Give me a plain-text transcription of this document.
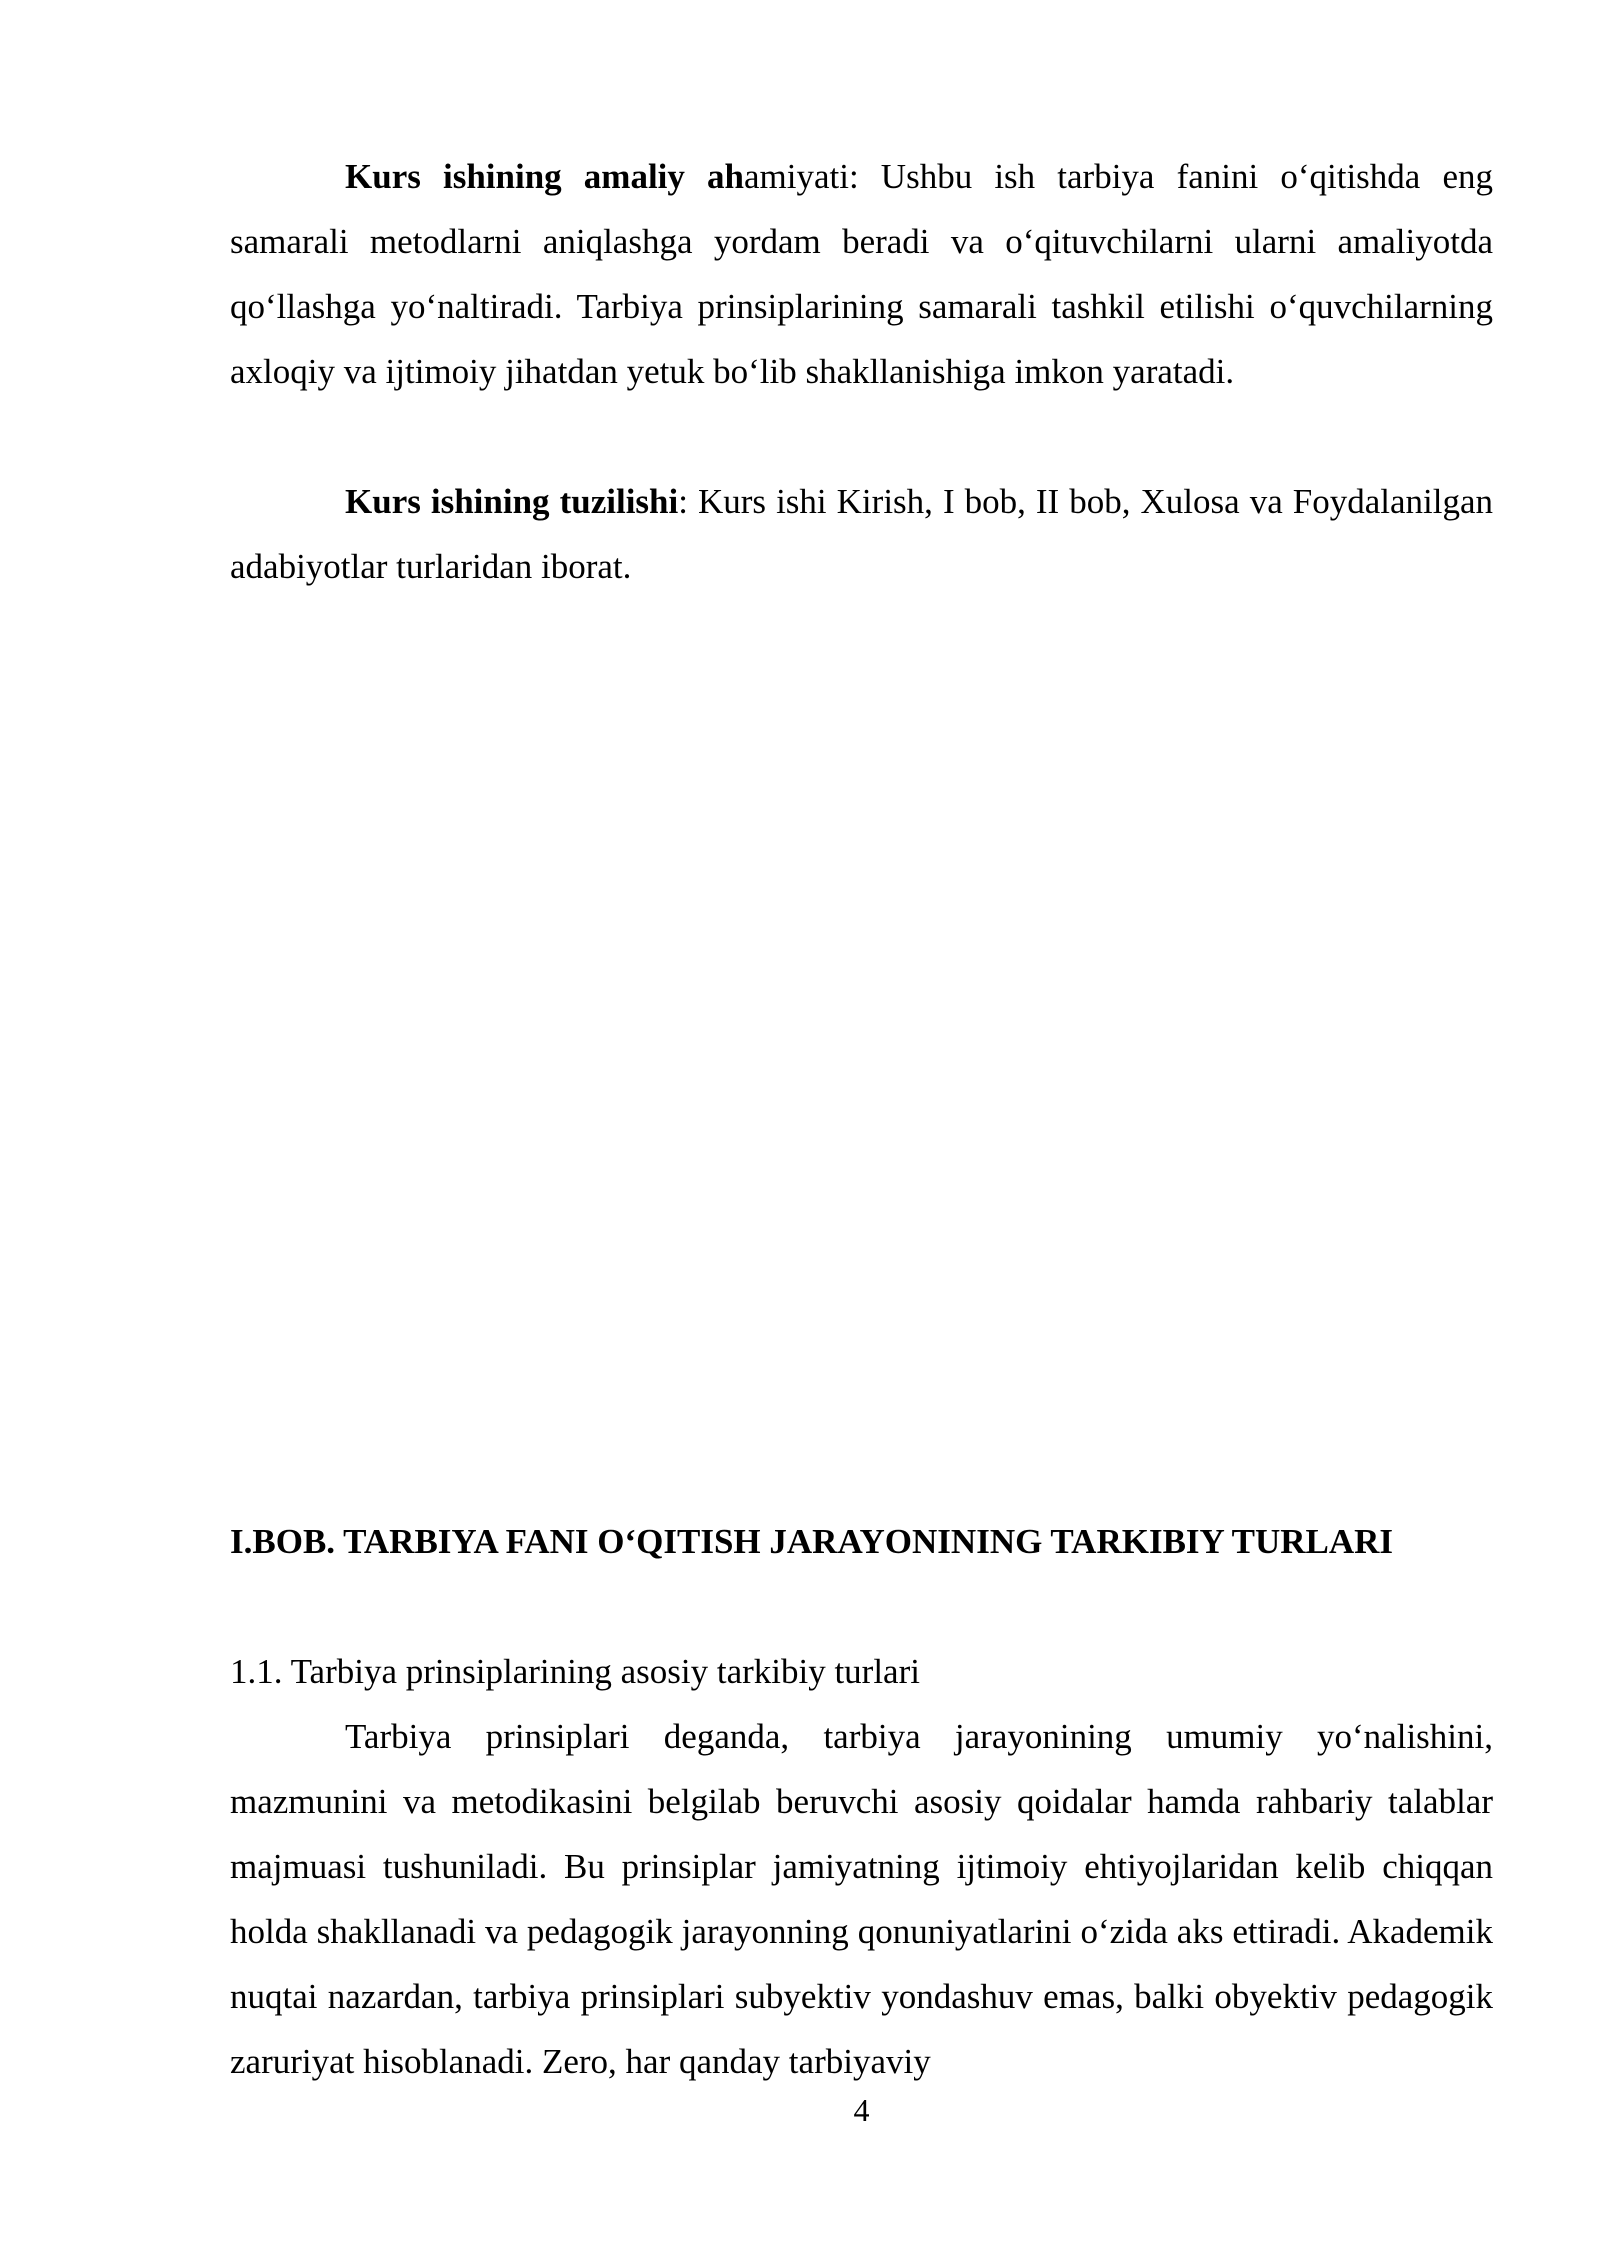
Kurs ishining amaliy ahamiyati: Ushbu ish tarbiya fanini o‘qitishda eng samarali metodlarni aniqlashga yordam beradi va o‘qituvchilarni ularni amaliyotda qo‘llashga yo‘naltiradi. Tarbiya prinsiplarining samarali tashkil etilishi o‘quvchilarning axloqiy va ijtimoiy jihatdan yetuk bo‘lib shakllanishiga imkon yaratadi.

Kurs ishining tuzilishi: Kurs ishi Kirish, I bob, II bob, Xulosa va Foydalanilgan adabiyotlar turlaridan iborat.

I.BOB. TARBIYA FANI O‘QITISH JARAYONINING TARKIBIY TURLARI

1.1. Tarbiya prinsiplarining asosiy tarkibiy turlari

Tarbiya prinsiplari deganda, tarbiya jarayonining umumiy yo‘nalishini, mazmunini va metodikasini belgilab beruvchi asosiy qoidalar hamda rahbariy talablar majmuasi tushuniladi. Bu prinsiplar jamiyatning ijtimoiy ehtiyojlaridan kelib chiqqan holda shakllanadi va pedagogik jarayonning qonuniyatlarini o‘zida aks ettiradi. Akademik nuqtai nazardan, tarbiya prinsiplari subyektiv yondashuv emas, balki obyektiv pedagogik zaruriyat hisoblanadi. Zero, har qanday tarbiyaviy

4
